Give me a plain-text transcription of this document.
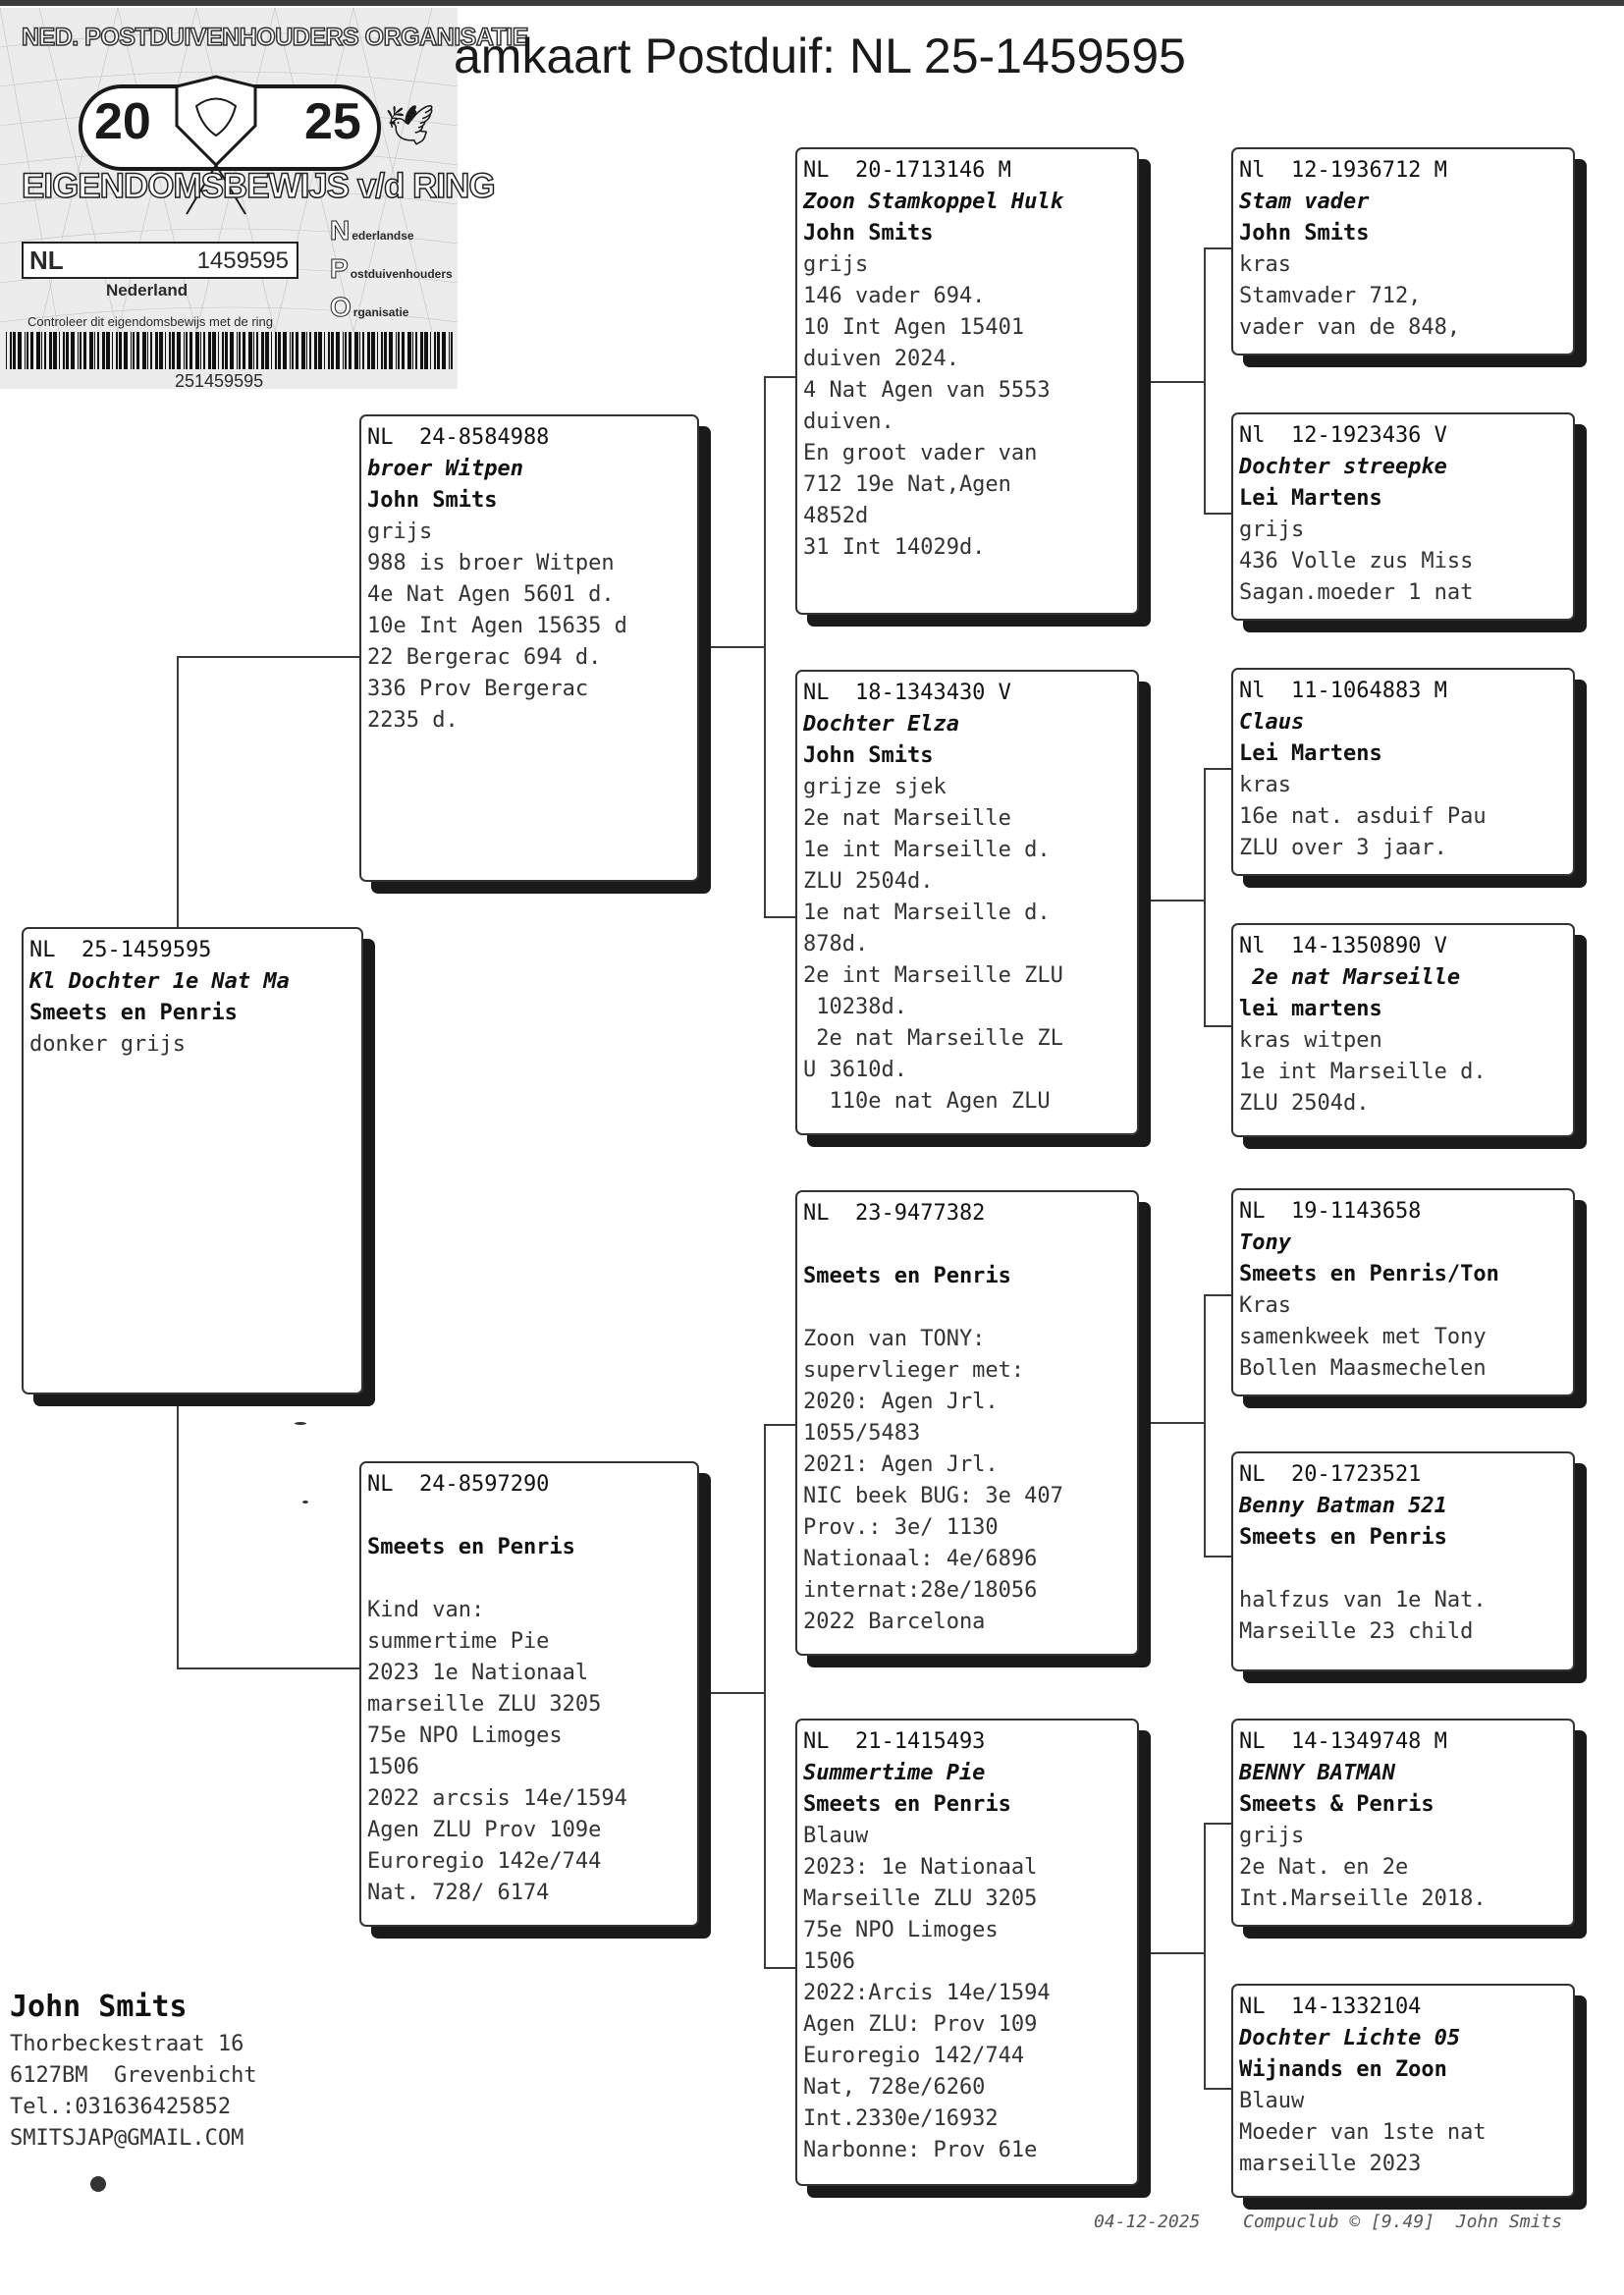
NED. POSTDUIVENHOUDERS ORGANISATIE
20	25 🕊
EIGENDOMSBEWIJS v/d RING
NL	1459595
Nederland
Nederlandse
Postduivenhouders
Organisatie
Controleer dit eigendomsbewijs met de ring
251459595
amkaart Postduif: NL 25-1459595
NL  25-1459595
Kl Dochter 1e Nat Ma
Smeets en Penris
donker grijs
NL  24-8584988
broer Witpen
John Smits
grijs
988 is broer Witpen
4e Nat Agen 5601 d.
10e Int Agen 15635 d
22 Bergerac 694 d.
336 Prov Bergerac
2235 d.
NL  24-8597290
Smeets en Penris
Kind van:
summertime Pie
2023 1e Nationaal
marseille ZLU 3205
75e NPO Limoges
1506
2022 arcsis 14e/1594
Agen ZLU Prov 109e
Euroregio 142e/744
Nat. 728/ 6174
NL  20-1713146 M
Zoon Stamkoppel Hulk
John Smits
grijs
146 vader 694.
10 Int Agen 15401
duiven 2024.
4 Nat Agen van 5553
duiven.
En groot vader van
712 19e Nat,Agen
4852d
31 Int 14029d.
NL  18-1343430 V
Dochter Elza
John Smits
grijze sjek
2e nat Marseille
1e int Marseille d.
ZLU 2504d.
1e nat Marseille d.
878d.
2e int Marseille ZLU
10238d.
2e nat Marseille ZL
U 3610d.
110e nat Agen ZLU
NL  23-9477382
Smeets en Penris
Zoon van TONY:
supervlieger met:
2020: Agen Jrl.
1055/5483
2021: Agen Jrl.
NIC beek BUG: 3e 407
Prov.: 3e/ 1130
Nationaal: 4e/6896
internat:28e/18056
2022 Barcelona
NL  21-1415493
Summertime Pie
Smeets en Penris
Blauw
2023: 1e Nationaal
Marseille ZLU 3205
75e NPO Limoges
1506
2022:Arcis 14e/1594
Agen ZLU: Prov 109
Euroregio 142/744
Nat, 728e/6260
Int.2330e/16932
Narbonne: Prov 61e
Nl  12-1936712 M
Stam vader
John Smits
kras
Stamvader 712,
vader van de 848,
Nl  12-1923436 V
Dochter streepke
Lei Martens
grijs
436 Volle zus Miss
Sagan.moeder 1 nat
Nl  11-1064883 M
Claus
Lei Martens
kras
16e nat. asduif Pau
ZLU over 3 jaar.
Nl  14-1350890 V
2e nat Marseille
lei martens
kras witpen
1e int Marseille d.
ZLU 2504d.
NL  19-1143658
Tony
Smeets en Penris/Ton
Kras
samenkweek met Tony
Bollen Maasmechelen
NL  20-1723521
Benny Batman 521
Smeets en Penris
halfzus van 1e Nat.
Marseille 23 child
NL  14-1349748 M
BENNY BATMAN
Smeets & Penris
grijs
2e Nat. en 2e
Int.Marseille 2018.
NL  14-1332104
Dochter Lichte 05
Wijnands en Zoon
Blauw
Moeder van 1ste nat
marseille 2023
John Smits
Thorbeckestraat 16
6127BM  Grevenbicht
Tel.:031636425852
SMITSJAP@GMAIL.COM
04-12-2025 Compuclub © [9.49]  John Smits
